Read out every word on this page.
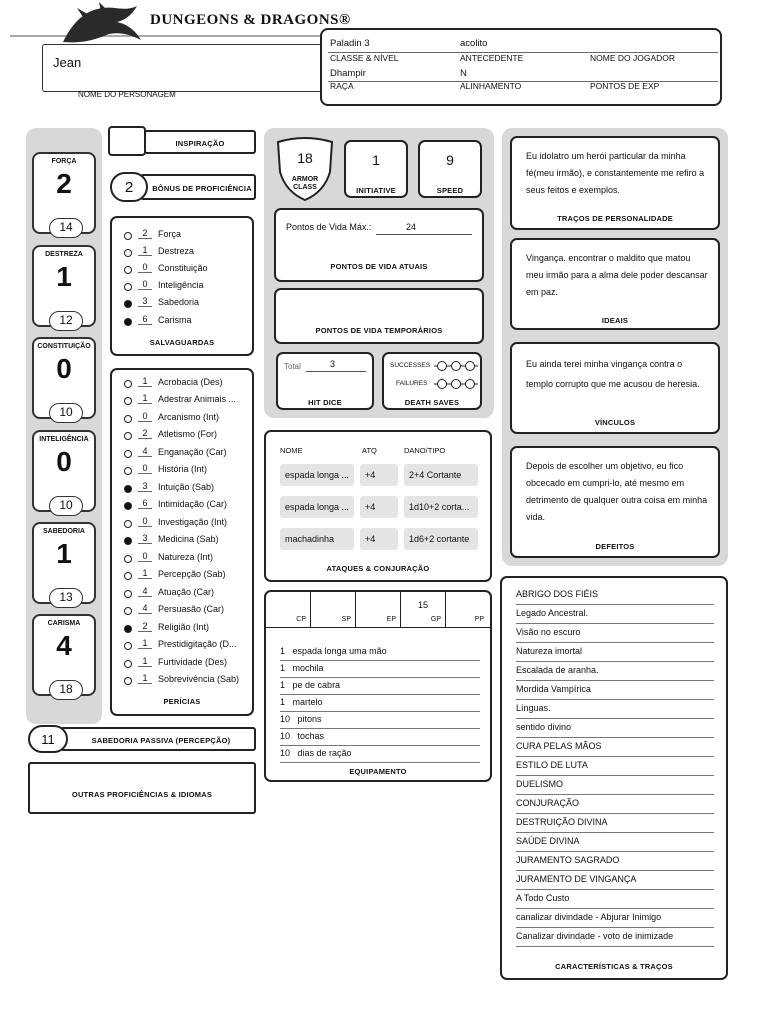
DUNGEONS & DRAGONS®
Jean
NOME DO PERSONAGEM
Paladin 3	acolito
CLASSE & NÍVEL	ANTECEDENTE	NOME DO JOGADOR
Dhampir	N
RAÇA	ALINHAMENTO	PONTOS DE EXP
FORÇA
2
14
DESTREZA
1
12
CONSTITUIÇÃO
0
10
INTELIGÊNCIA
0
10
SABEDORIA
1
13
CARISMA
4
18
INSPIRAÇÃO
BÔNUS DE PROFICIÊNCIA
2
2	Força
1	Destreza
0	Constituição
0	Inteligência
3	Sabedoria
6	Carisma
SALVAGUARDAS
1	Acrobacia (Des)
1	Adestrar Animais ...
0	Arcanismo (Int)
2	Atletismo (For)
4	Enganação (Car)
0	História (Int)
3	Intuição (Sab)
6	Intimidação (Car)
0	Investigação (Int)
3	Medicina (Sab)
0	Natureza (Int)
1	Percepção (Sab)
4	Atuação (Car)
4	Persuasão (Car)
2	Religião (Int)
1	Prestidigitação (D...
1	Furtividade (Des)
1	Sobrevivência (Sab)
PERÍCIAS
SABEDORIA PASSIVA (PERCEPÇÃO)
11
OUTRAS PROFICIÊNCIAS & IDIOMAS
18
ARMOR CLASS
1
INITIATIVE
9
SPEED
Pontos de Vida Máx.:	24
PONTOS DE VIDA ATUAIS
PONTOS DE VIDA TEMPORÁRIOS
Total	3
HIT DICE
SUCCESSES
FAILURES
DEATH SAVES
NOME	ATQ	DANO/TIPO
espada longa ...	+4	2+4 Cortante
espada longa ...	+4	1d10+2 corta...
machadinha	+4	1d6+2 cortante
ATAQUES & CONJURAÇÃO
CP	SP	EP
15
GP	PP
1 espada longa uma mão
1 mochila
1 pe de cabra
1 martelo
10 pitons
10 tochas
10 dias de ração
EQUIPAMENTO
Eu idolatro um herói particular da minha fé(meu irmão), e constantemente me refiro a seus feitos e exemplos.
TRAÇOS DE PERSONALIDADE
Vingança. encontrar o maldito que matou meu irmão para a alma dele poder descansar em paz.
IDEAIS
Eu ainda terei minha vingança contra o templo corrupto que me acusou de heresia.
VÍNCULOS
Depois de escolher um objetivo, eu fico obcecado em cumpri-lo, até mesmo em detrimento de qualquer outra coisa em minha vida.
DEFEITOS
ABRIGO DOS FIÉIS
Legado Ancestral.
Visão no escuro
Natureza imortal
Escalada de aranha.
Mordida Vampírica
Línguas.
sentido divino
CURA PELAS MÃOS
ESTILO DE LUTA
DUELISMO
CONJURAÇÃO
DESTRUIÇÃO DIVINA
SAÚDE DIVINA
JURAMENTO SAGRADO
JURAMENTO DE VINGANÇA
A Todo Custo
canalizar divindade - Abjurar Inimigo
Canalizar divindade - voto de inimizade
CARACTERÍSTICAS & TRAÇOS
